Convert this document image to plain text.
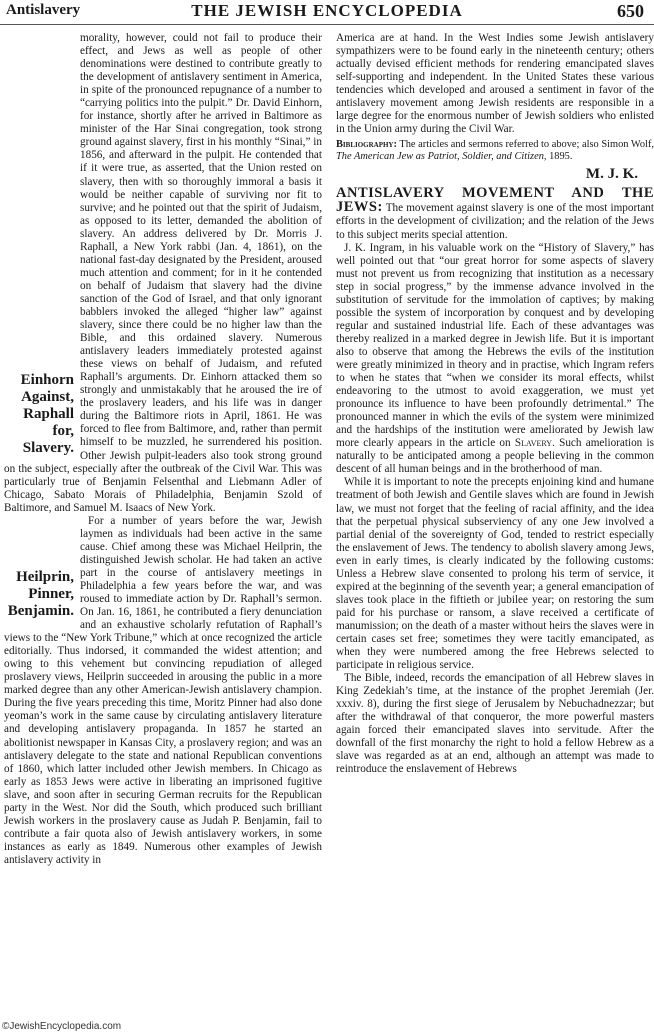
Antislavery	THE JEWISH ENCYCLOPEDIA	650

Einhorn Against, Raphall for, Slavery.
morality, however, could not fail to produce their effect, and Jews as well as people of other denominations were destined to contribute greatly to the development of antislavery sentiment in America, in spite of the pronounced repugnance of a number to “carrying politics into the pulpit.” Dr. David Einhorn, for instance, shortly after he arrived in Baltimore as minister of the Har Sinai congregation, took strong ground against slavery, first in his monthly “Sinai,” in 1856, and afterward in the pulpit. He contended that if it were true, as asserted, that the Union rested on slavery, then with so thoroughly immoral a basis it would be neither capable of surviving nor fit to survive; and he pointed out that the spirit of Judaism, as opposed to its letter, demanded the abolition of slavery. An address delivered by Dr. Morris J. Raphall, a New York rabbi (Jan. 4, 1861), on the national fast-day designated by the President, aroused much attention and comment; for in it he contended on behalf of Judaism that slavery had the divine sanction of the God of Israel, and that only ignorant babblers invoked the alleged “higher law” against slavery, since there could be no higher law than the Bible, and this ordained slavery. Numerous antislavery leaders immediately protested against these views on behalf of Judaism, and refuted Raphall’s arguments. Dr. Einhorn attacked them so strongly and unmistakably that he aroused the ire of the proslavery leaders, and his life was in danger during the Baltimore riots in April, 1861. He was forced to flee from Baltimore, and, rather than permit himself to be muzzled, he surrendered his position. Other Jewish pulpit-leaders also took strong ground on the subject, especially after the outbreak of the Civil War. This was particularly true of Benjamin Felsenthal and Liebmann Adler of Chicago, Sabato Morais of Philadelphia, Benjamin Szold of Baltimore, and Samuel M. Isaacs of New York.

Heilprin, Pinner, Benjamin.
For a number of years before the war, Jewish laymen as individuals had been active in the same cause. Chief among these was Michael Heilprin, the distinguished Jewish scholar. He had taken an active part in the course of antislavery meetings in Philadelphia a few years before the war, and was roused to immediate action by Dr. Raphall’s sermon. On Jan. 16, 1861, he contributed a fiery denunciation and an exhaustive scholarly refutation of Raphall’s views to the “New York Tribune,” which at once recognized the article editorially. Thus indorsed, it commanded the widest attention; and owing to this vehement but convincing repudiation of alleged proslavery views, Heilprin succeeded in arousing the public in a more marked degree than any other American-Jewish antislavery champion. During the five years preceding this time, Moritz Pinner had also done yeoman’s work in the same cause by circulating antislavery literature and developing antislavery propaganda. In 1857 he started an abolitionist newspaper in Kansas City, a proslavery region; and was an antislavery delegate to the state and national Republican conventions of 1860, which latter included other Jewish members. In Chicago as early as 1853 Jews were active in liberating an imprisoned fugitive slave, and soon after in securing German recruits for the Republican party in the West. Nor did the South, which produced such brilliant Jewish workers in the proslavery cause as Judah P. Benjamin, fail to contribute a fair quota also of Jewish antislavery workers, in some instances as early as 1849. Numerous other examples of Jewish antislavery activity in

America are at hand. In the West Indies some Jewish antislavery sympathizers were to be found early in the nineteenth century; others actually devised efficient methods for rendering emancipated slaves self-supporting and independent. In the United States these various tendencies which developed and aroused a sentiment in favor of the antislavery movement among Jewish residents are responsible in a large degree for the enormous number of Jewish soldiers who enlisted in the Union army during the Civil War.

Bibliography: The articles and sermons referred to above; also Simon Wolf, The American Jew as Patriot, Soldier, and Citizen, 1895.

M. J. K.

ANTISLAVERY MOVEMENT AND THE JEWS: The movement against slavery is one of the most important efforts in the development of civilization; and the relation of the Jews to this subject merits special attention.

J. K. Ingram, in his valuable work on the “History of Slavery,” has well pointed out that “our great horror for some aspects of slavery must not prevent us from recognizing that institution as a necessary step in social progress,” by the immense advance involved in the substitution of servitude for the immolation of captives; by making possible the system of incorporation by conquest and by developing regular and sustained industrial life. Each of these advantages was thereby realized in a marked degree in Jewish life. But it is important also to observe that among the Hebrews the evils of the institution were greatly minimized in theory and in practise, which Ingram refers to when he states that “when we consider its moral effects, whilst endeavoring to the utmost to avoid exaggeration, we must yet pronounce its influence to have been profoundly detrimental.” The pronounced manner in which the evils of the system were minimized and the hardships of the institution were ameliorated by Jewish law more clearly appears in the article on Slavery. Such amelioration is naturally to be anticipated among a people believing in the common descent of all human beings and in the brotherhood of man.

While it is important to note the precepts enjoining kind and humane treatment of both Jewish and Gentile slaves which are found in Jewish law, we must not forget that the feeling of racial affinity, and the idea that the perpetual physical subserviency of any one Jew involved a partial denial of the sovereignty of God, tended to restrict especially the enslavement of Jews. The tendency to abolish slavery among Jews, even in early times, is clearly indicated by the following customs: Unless a Hebrew slave consented to prolong his term of service, it expired at the beginning of the seventh year; a general emancipation of slaves took place in the fiftieth or jubilee year; on restoring the sum paid for his purchase or ransom, a slave received a certificate of manumission; on the death of a master without heirs the slaves were in certain cases set free; sometimes they were tacitly emancipated, as when they were numbered among the free Hebrews selected to participate in religious service.

The Bible, indeed, records the emancipation of all Hebrew slaves in King Zedekiah’s time, at the instance of the prophet Jeremiah (Jer. xxxiv. 8), during the first siege of Jerusalem by Nebuchadnezzar; but after the withdrawal of that conqueror, the more powerful masters again forced their emancipated slaves into servitude. After the downfall of the first monarchy the right to hold a fellow Hebrew as a slave was regarded as at an end, although an attempt was made to reintroduce the enslavement of Hebrews

©JewishEncyclopedia.com
